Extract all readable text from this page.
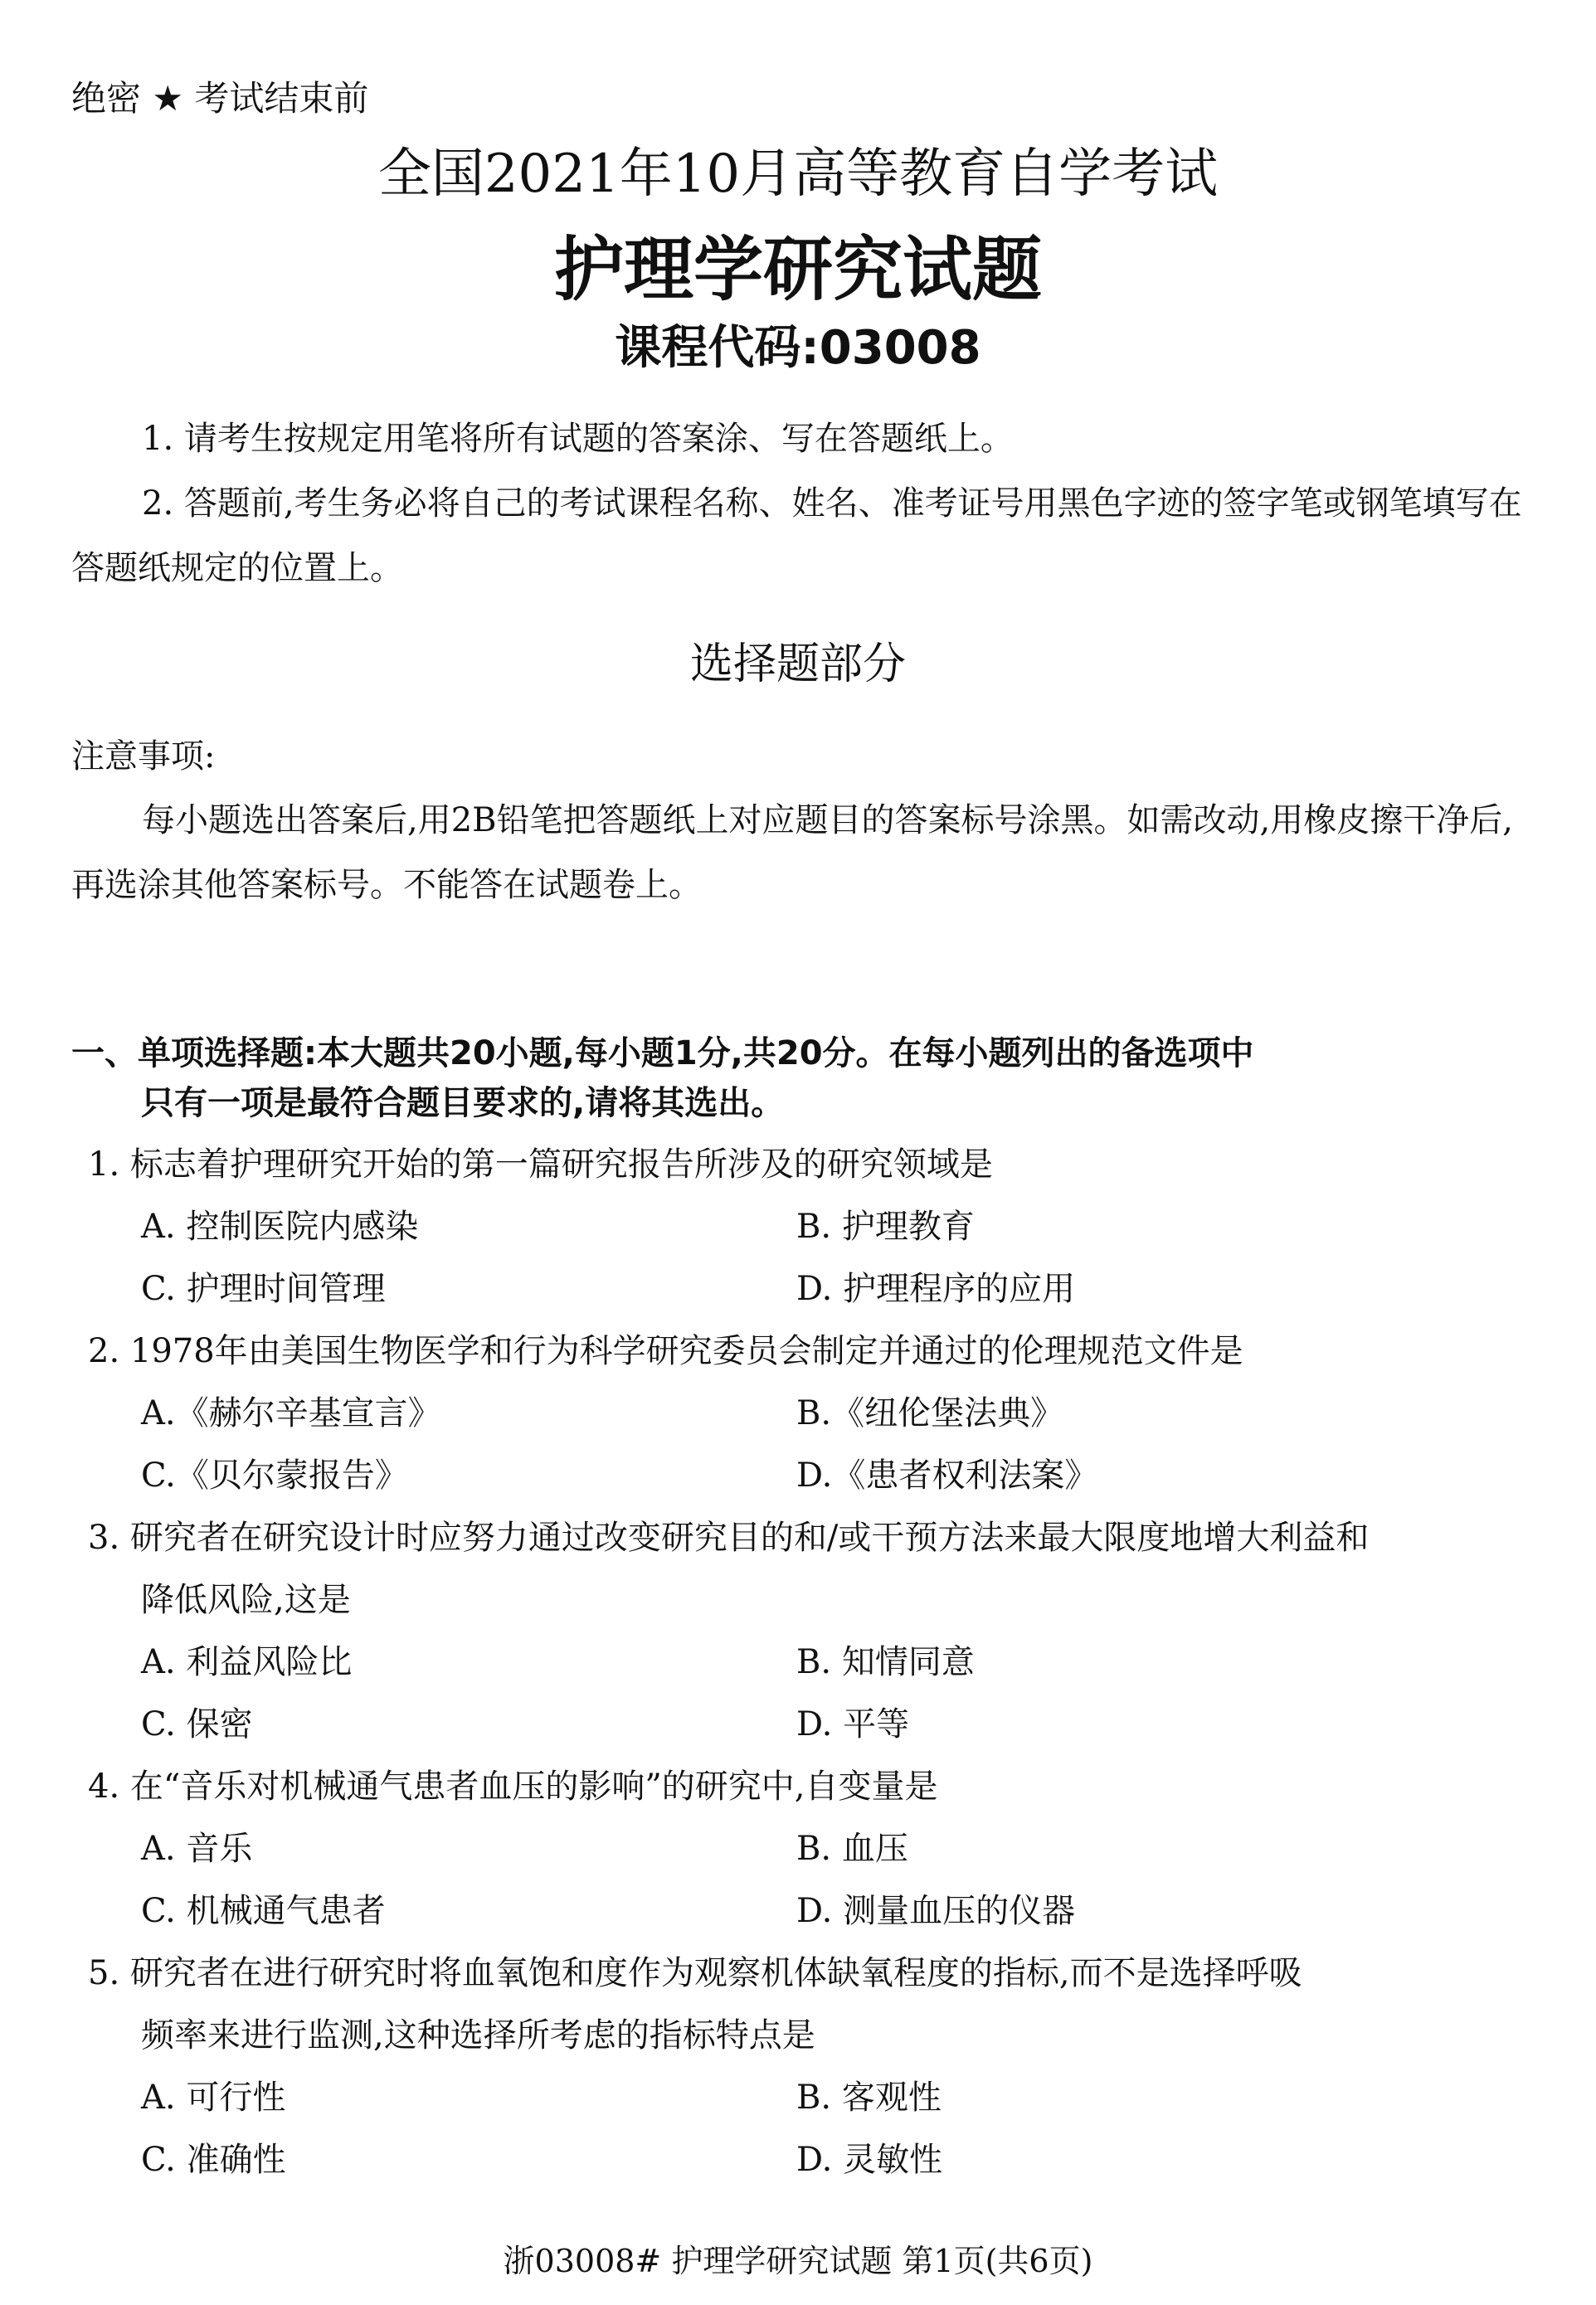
绝密 ★ 考试结束前
全国2021年10月高等教育自学考试
护理学研究试题
课程代码:03008
1. 请考生按规定用笔将所有试题的答案涂、写在答题纸上。
2. 答题前,考生务必将自己的考试课程名称、姓名、准考证号用黑色字迹的签字笔或钢笔填写在答题纸规定的位置上。
选择题部分
注意事项:
每小题选出答案后,用2B铅笔把答题纸上对应题目的答案标号涂黑。如需改动,用橡皮擦干净后,再选涂其他答案标号。不能答在试题卷上。
一、单项选择题:本大题共20小题,每小题1分,共20分。在每小题列出的备选项中
只有一项是最符合题目要求的,请将其选出。
1. 标志着护理研究开始的第一篇研究报告所涉及的研究领域是
A. 控制医院内感染	B. 护理教育
C. 护理时间管理	D. 护理程序的应用
2. 1978年由美国生物医学和行为科学研究委员会制定并通过的伦理规范文件是
A.《赫尔辛基宣言》	B.《纽伦堡法典》
C.《贝尔蒙报告》	D.《患者权利法案》
3. 研究者在研究设计时应努力通过改变研究目的和/或干预方法来最大限度地增大利益和
降低风险,这是
A. 利益风险比	B. 知情同意
C. 保密	D. 平等
4. 在“音乐对机械通气患者血压的影响”的研究中,自变量是
A. 音乐	B. 血压
C. 机械通气患者	D. 测量血压的仪器
5. 研究者在进行研究时将血氧饱和度作为观察机体缺氧程度的指标,而不是选择呼吸
频率来进行监测,这种选择所考虑的指标特点是
A. 可行性	B. 客观性
C. 准确性	D. 灵敏性
浙03008# 护理学研究试题 第1页(共6页)
